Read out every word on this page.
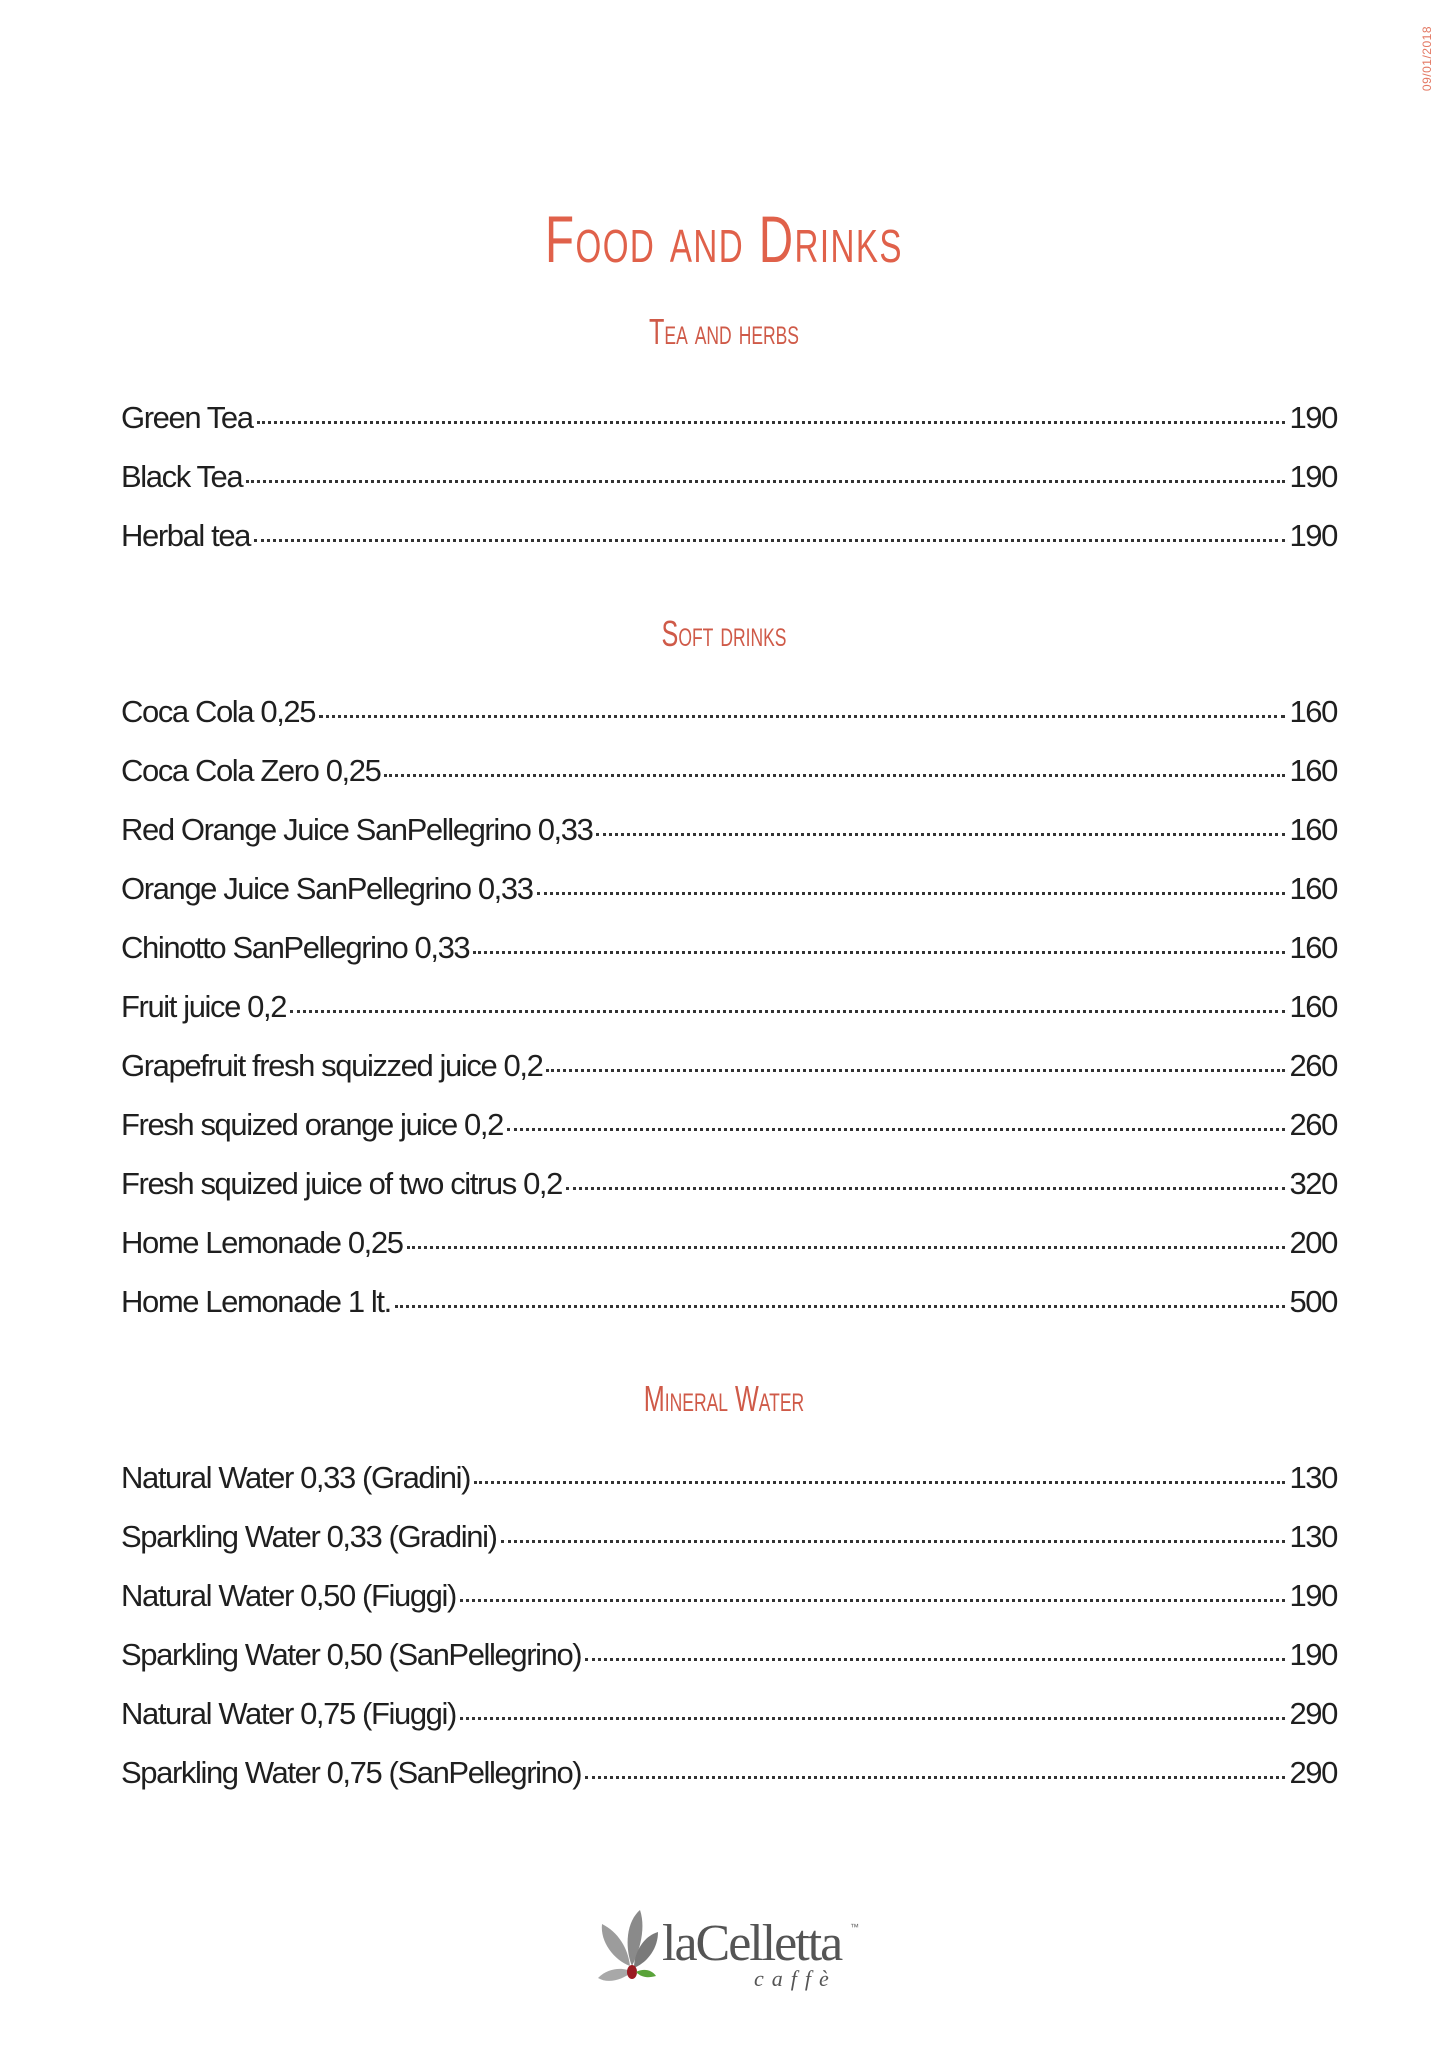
09/01/2018
Food and Drinks
Tea and herbs
Green Tea	190
Black Tea	190
Herbal tea	190
Soft drinks
Coca Cola 0,25	160
Coca Cola Zero 0,25	160
Red Orange Juice SanPellegrino 0,33	160
Orange Juice SanPellegrino 0,33	160
Chinotto SanPellegrino 0,33	160
Fruit juice 0,2	160
Grapefruit fresh squizzed juice 0,2	260
Fresh squized orange juice 0,2	260
Fresh squized juice of two citrus 0,2	320
Home Lemonade 0,25	200
Home Lemonade 1 lt.	500
Mineral Water
Natural Water 0,33 (Gradini)	130
Sparkling Water 0,33 (Gradini)	130
Natural Water 0,50 (Fiuggi)	190
Sparkling Water 0,50 (SanPellegrino)	190
Natural Water 0,75 (Fiuggi)	290
Sparkling Water 0,75 (SanPellegrino)	290
laCelletta ™
caffè
